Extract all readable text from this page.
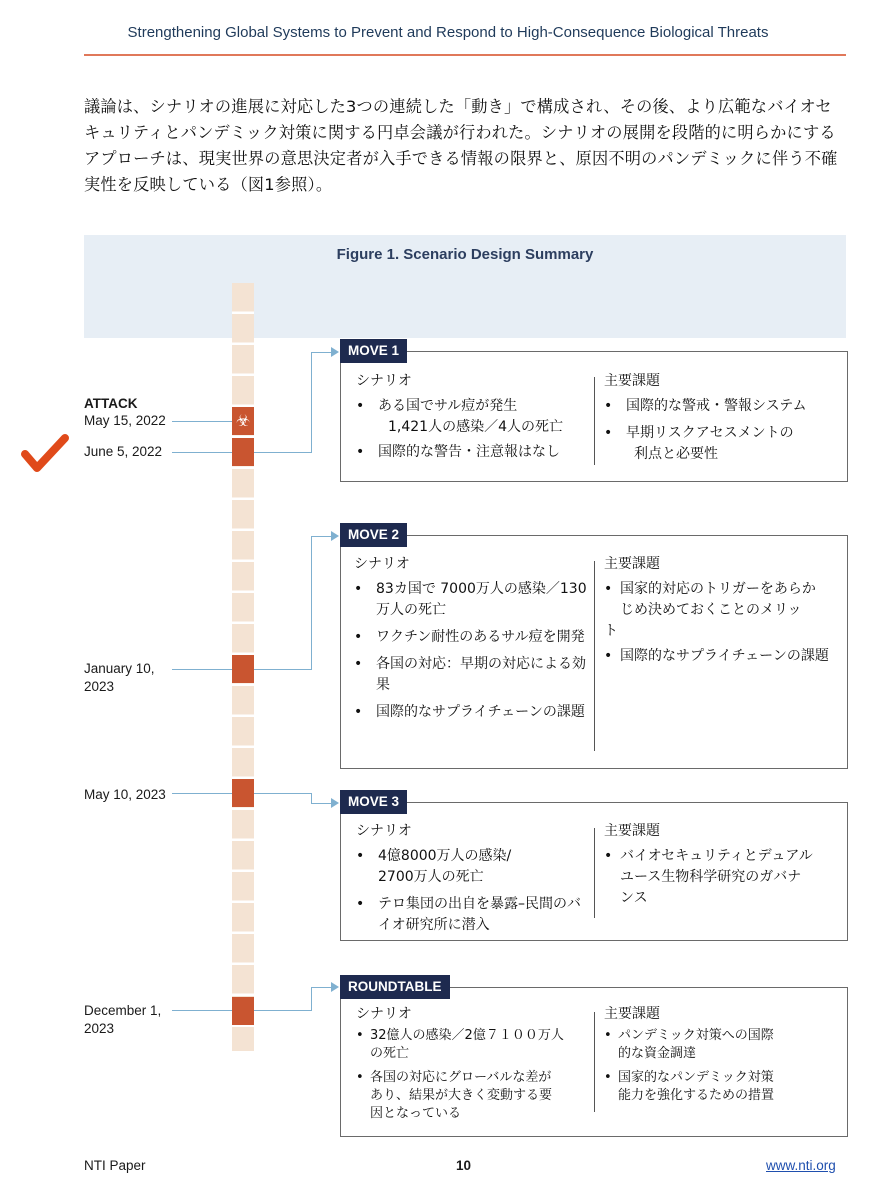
Strengthening Global Systems to Prevent and Respond to High-Consequence Biological Threats
議論は、シナリオの進展に対応した3つの連続した「動き」で構成され、その後、より広範なバイオセキュリティとパンデミック対策に関する円卓会議が行われた。シナリオの展開を段階的に明らかにするアプローチは、現実世界の意思決定者が入手できる情報の限界と、原因不明のパンデミックに伴う不確実性を反映している（図1参照）。
Figure 1. Scenario Design Summary
☣
ATTACK
May 15, 2022
June 5, 2022
January 10,
2023
May 10, 2023
December 1,
2023
MOVE 1
シナリオ
• ある国でサル痘が発生
1,421人の感染／4人の死亡
• 国際的な警告・注意報はなし
主要課題
• 国際的な警戒・警報システム
• 早期リスクアセスメントの
利点と必要性
MOVE 2
シナリオ
• 83カ国で 7000万人の感染／130万人の死亡
• ワクチン耐性のあるサル痘を開発
• 各国の対応：早期の対応による効果
• 国際的なサプライチェーンの課題
主要課題
• 国家的対応のトリガーをあらか
じめ決めておくことのメリッ
ト
• 国際的なサプライチェーンの課題
MOVE 3
シナリオ
• 4億8000万人の感染/
2700万人の死亡
• テロ集団の出自を暴露–民間のバイオ研究所に潜入
主要課題
• バイオセキュリティとデュアルユース生物科学研究のガバナンス
ROUNDTABLE
シナリオ
• 32億人の感染／2億７１００万人の死亡
• 各国の対応にグローバルな差があり、結果が大きく変動する要因となっている
主要課題
• パンデミック対策への国際的な資金調達
• 国家的なパンデミック対策能力を強化するための措置
NTI Paper	10	www.nti.org
